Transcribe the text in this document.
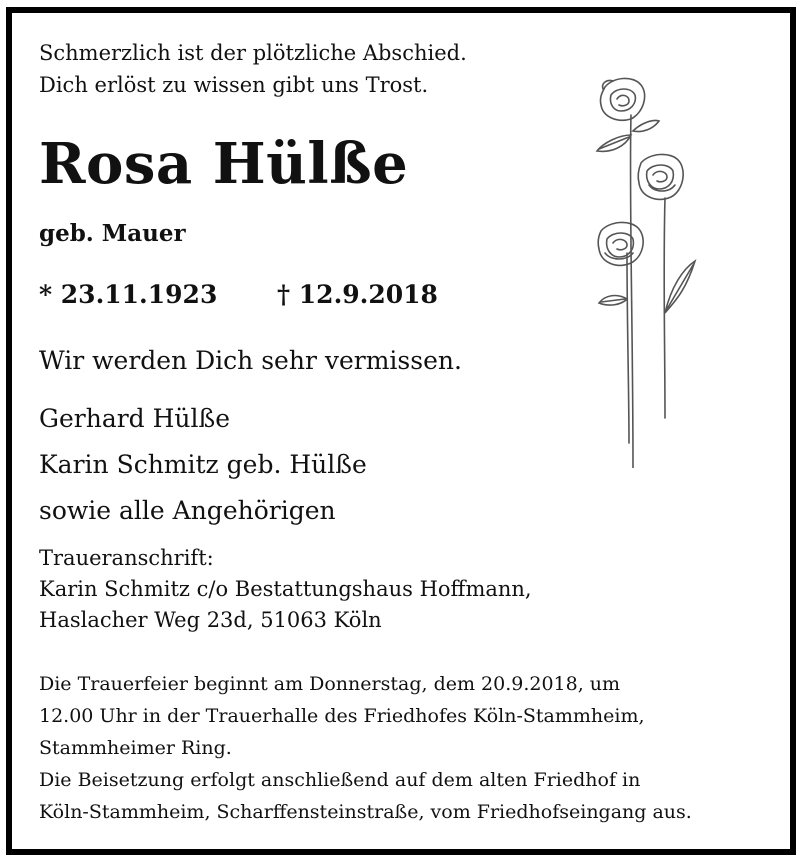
Schmerzlich ist der plötzliche Abschied.
Dich erlöst zu wissen gibt uns Trost.
Rosa Hülße
geb. Mauer
* 23.11.1923 † 12.9.2018
Wir werden Dich sehr vermissen.
Gerhard Hülße
Karin Schmitz geb. Hülße
sowie alle Angehörigen
Traueranschrift:
Karin Schmitz c/o Bestattungshaus Hoffmann,
Haslacher Weg 23d, 51063 Köln
Die Trauerfeier beginnt am Donnerstag, dem 20.9.2018, um
12.00 Uhr in der Trauerhalle des Friedhofes Köln-Stammheim,
Stammheimer Ring.
Die Beisetzung erfolgt anschließend auf dem alten Friedhof in
Köln-Stammheim, Scharffensteinstraße, vom Friedhofseingang aus.
